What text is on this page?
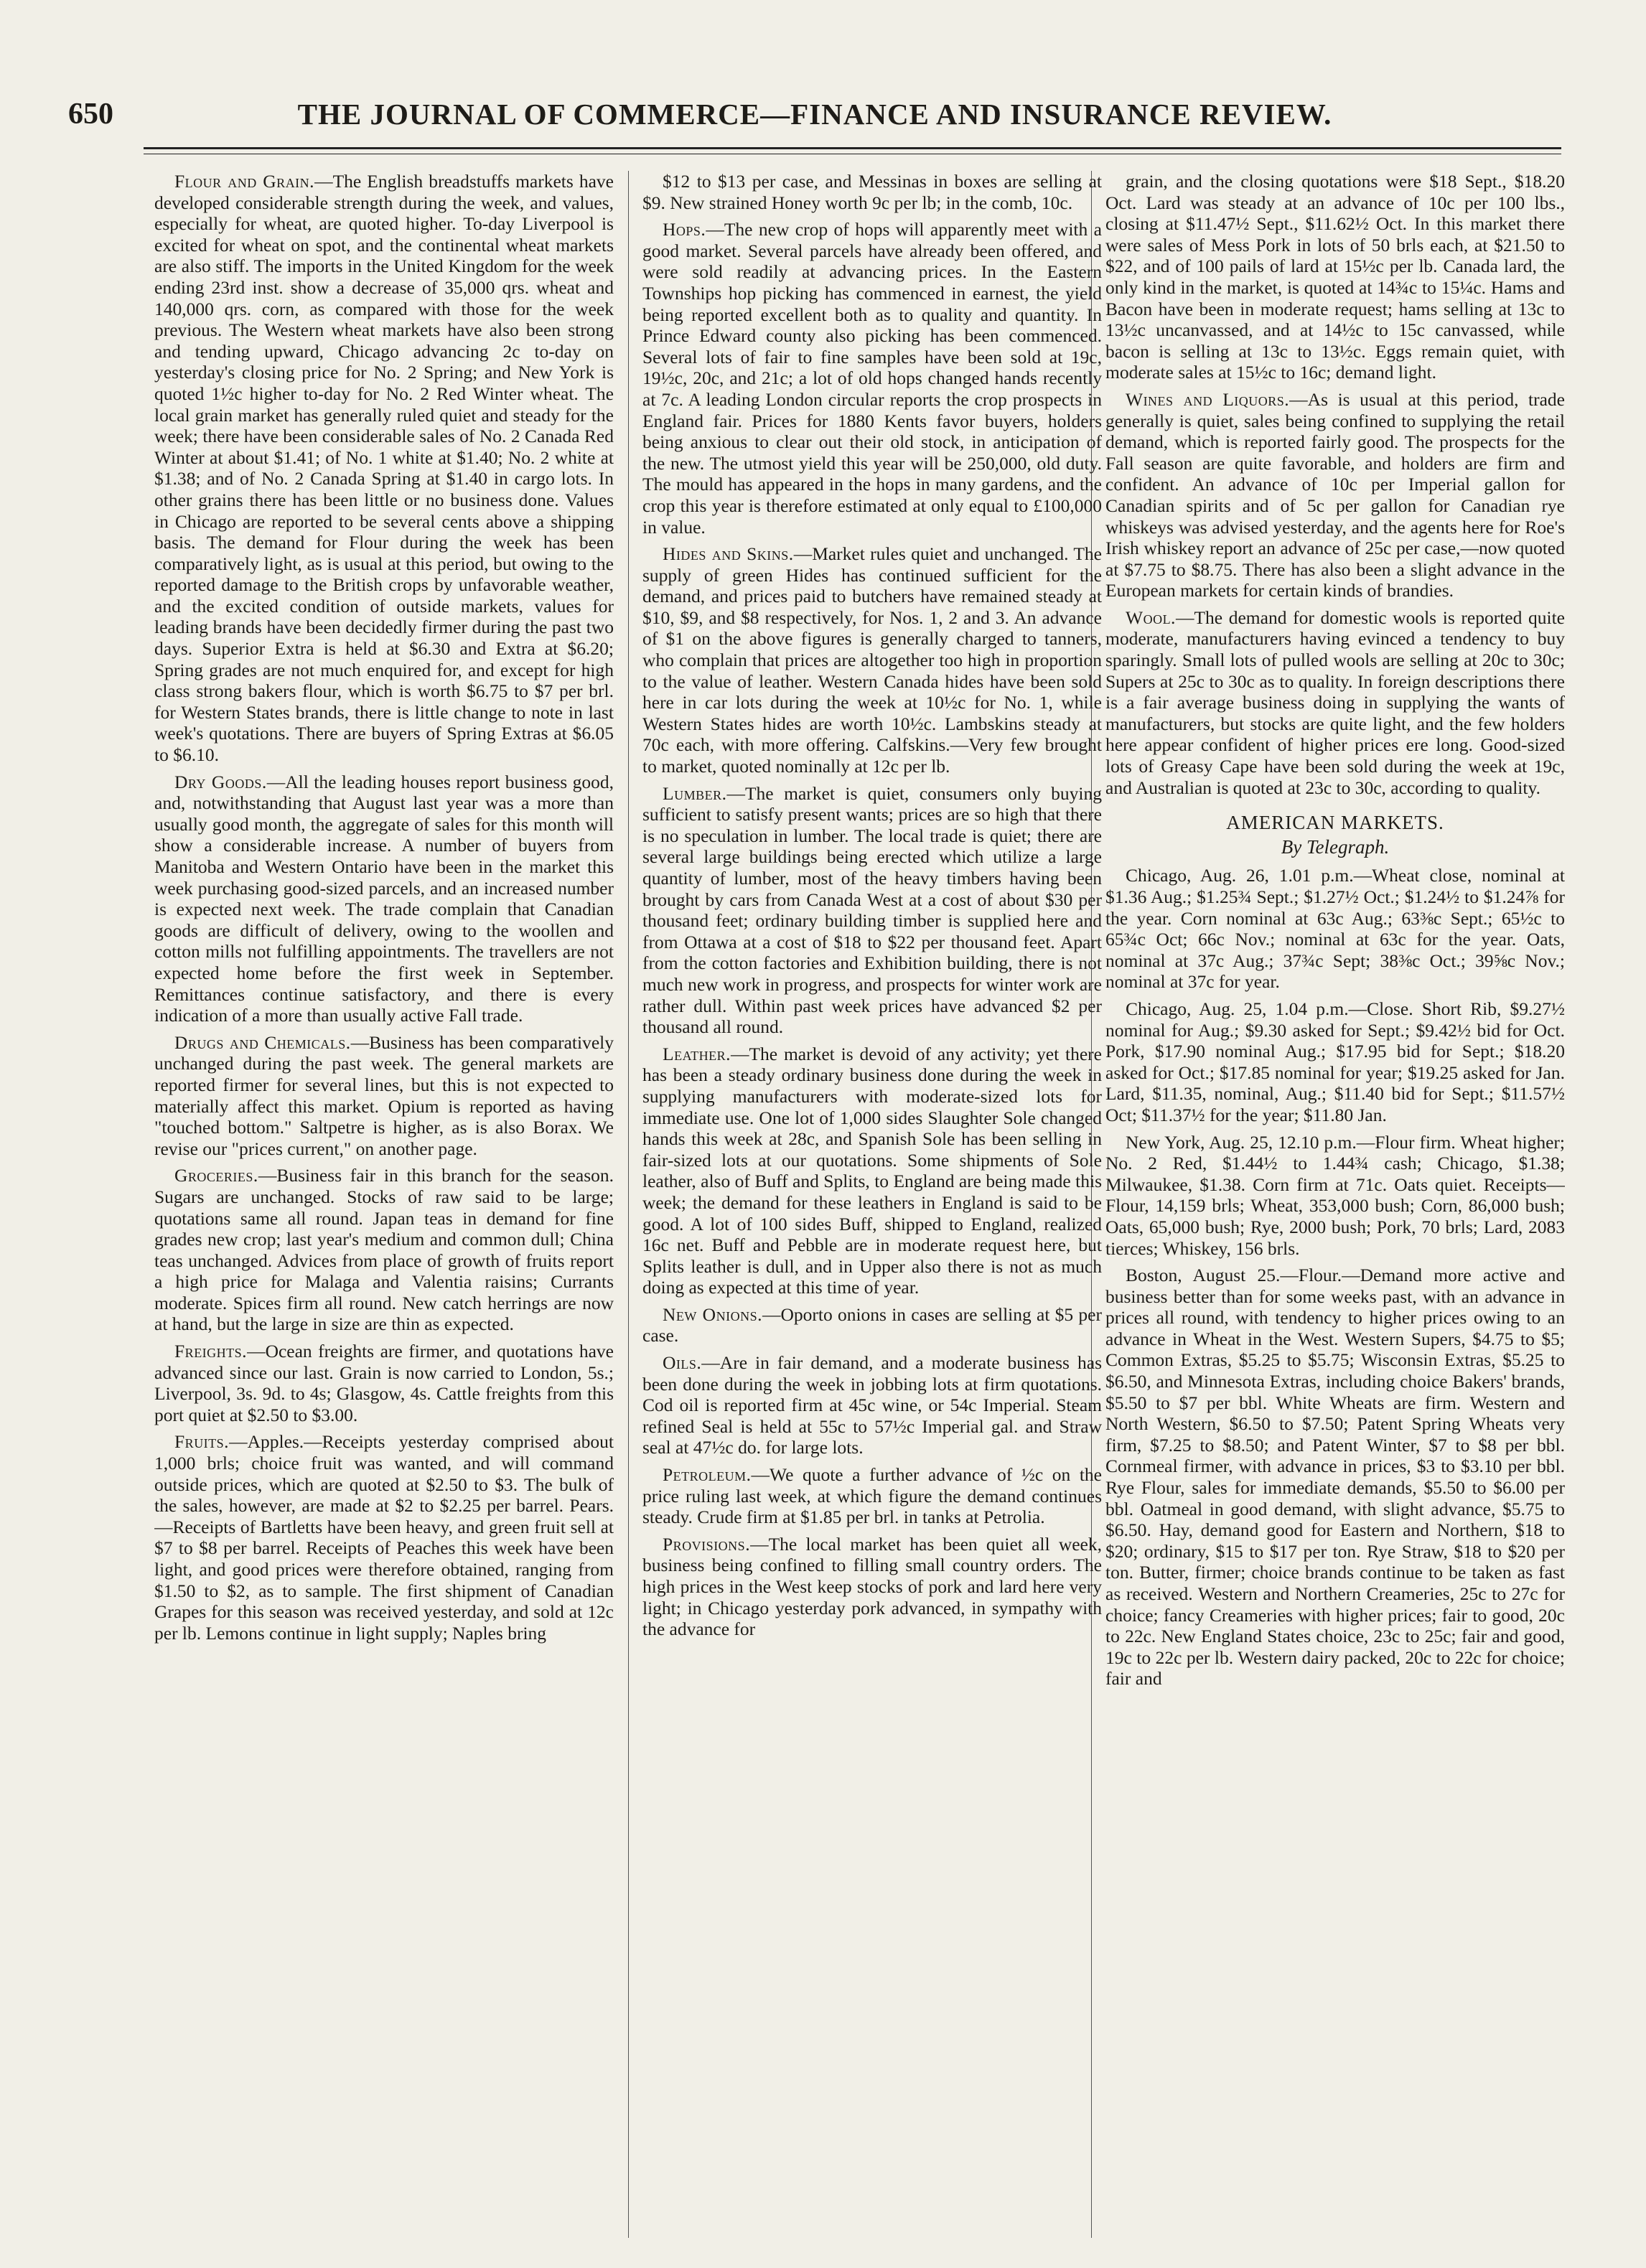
650	THE JOURNAL OF COMMERCE—FINANCE AND INSURANCE REVIEW.

Flour and Grain.—The English breadstuffs markets have developed considerable strength during the week, and values, especially for wheat, are quoted higher. To-day Liverpool is excited for wheat on spot, and the continental wheat markets are also stiff. The imports in the United Kingdom for the week ending 23rd inst. show a decrease of 35,000 qrs. wheat and 140,000 qrs. corn, as compared with those for the week previous. The Western wheat markets have also been strong and tending upward, Chicago advancing 2c to-day on yesterday's closing price for No. 2 Spring; and New York is quoted 1½c higher to-day for No. 2 Red Winter wheat. The local grain market has generally ruled quiet and steady for the week; there have been considerable sales of No. 2 Canada Red Winter at about $1.41; of No. 1 white at $1.40; No. 2 white at $1.38; and of No. 2 Canada Spring at $1.40 in cargo lots. In other grains there has been little or no business done. Values in Chicago are reported to be several cents above a shipping basis. The demand for Flour during the week has been comparatively light, as is usual at this period, but owing to the reported damage to the British crops by unfavorable weather, and the excited condition of outside markets, values for leading brands have been decidedly firmer during the past two days. Superior Extra is held at $6.30 and Extra at $6.20; Spring grades are not much enquired for, and except for high class strong bakers flour, which is worth $6.75 to $7 per brl. for Western States brands, there is little change to note in last week's quotations. There are buyers of Spring Extras at $6.05 to $6.10.

Dry Goods.—All the leading houses report business good, and, notwithstanding that August last year was a more than usually good month, the aggregate of sales for this month will show a considerable increase. A number of buyers from Manitoba and Western Ontario have been in the market this week purchasing good-sized parcels, and an increased number is expected next week. The trade complain that Canadian goods are difficult of delivery, owing to the woollen and cotton mills not fulfilling appointments. The travellers are not expected home before the first week in September. Remittances continue satisfactory, and there is every indication of a more than usually active Fall trade.

Drugs and Chemicals.—Business has been comparatively unchanged during the past week. The general markets are reported firmer for several lines, but this is not expected to materially affect this market. Opium is reported as having "touched bottom." Saltpetre is higher, as is also Borax. We revise our "prices current," on another page.

Groceries.—Business fair in this branch for the season. Sugars are unchanged. Stocks of raw said to be large; quotations same all round. Japan teas in demand for fine grades new crop; last year's medium and common dull; China teas unchanged. Advices from place of growth of fruits report a high price for Malaga and Valentia raisins; Currants moderate. Spices firm all round. New catch herrings are now at hand, but the large in size are thin as expected.

Freights.—Ocean freights are firmer, and quotations have advanced since our last. Grain is now carried to London, 5s.; Liverpool, 3s. 9d. to 4s; Glasgow, 4s. Cattle freights from this port quiet at $2.50 to $3.00.

Fruits.—Apples.—Receipts yesterday comprised about 1,000 brls; choice fruit was wanted, and will command outside prices, which are quoted at $2.50 to $3. The bulk of the sales, however, are made at $2 to $2.25 per barrel. Pears.—Receipts of Bartletts have been heavy, and green fruit sell at $7 to $8 per barrel. Receipts of Peaches this week have been light, and good prices were therefore obtained, ranging from $1.50 to $2, as to sample. The first shipment of Canadian Grapes for this season was received yesterday, and sold at 12c per lb. Lemons continue in light supply; Naples bring

$12 to $13 per case, and Messinas in boxes are selling at $9. New strained Honey worth 9c per lb; in the comb, 10c.

Hops.—The new crop of hops will apparently meet with a good market. Several parcels have already been offered, and were sold readily at advancing prices. In the Eastern Townships hop picking has commenced in earnest, the yield being reported excellent both as to quality and quantity. In Prince Edward county also picking has been commenced. Several lots of fair to fine samples have been sold at 19c, 19½c, 20c, and 21c; a lot of old hops changed hands recently at 7c. A leading London circular reports the crop prospects in England fair. Prices for 1880 Kents favor buyers, holders being anxious to clear out their old stock, in anticipation of the new. The utmost yield this year will be 250,000, old duty. The mould has appeared in the hops in many gardens, and the crop this year is therefore estimated at only equal to £100,000 in value.

Hides and Skins.—Market rules quiet and unchanged. The supply of green Hides has continued sufficient for the demand, and prices paid to butchers have remained steady at $10, $9, and $8 respectively, for Nos. 1, 2 and 3. An advance of $1 on the above figures is generally charged to tanners, who complain that prices are altogether too high in proportion to the value of leather. Western Canada hides have been sold here in car lots during the week at 10½c for No. 1, while Western States hides are worth 10½c. Lambskins steady at 70c each, with more offering. Calfskins.—Very few brought to market, quoted nominally at 12c per lb.

Lumber.—The market is quiet, consumers only buying sufficient to satisfy present wants; prices are so high that there is no speculation in lumber. The local trade is quiet; there are several large buildings being erected which utilize a large quantity of lumber, most of the heavy timbers having been brought by cars from Canada West at a cost of about $30 per thousand feet; ordinary building timber is supplied here and from Ottawa at a cost of $18 to $22 per thousand feet. Apart from the cotton factories and Exhibition building, there is not much new work in progress, and prospects for winter work are rather dull. Within past week prices have advanced $2 per thousand all round.

Leather.—The market is devoid of any activity; yet there has been a steady ordinary business done during the week in supplying manufacturers with moderate-sized lots for immediate use. One lot of 1,000 sides Slaughter Sole changed hands this week at 28c, and Spanish Sole has been selling in fair-sized lots at our quotations. Some shipments of Sole leather, also of Buff and Splits, to England are being made this week; the demand for these leathers in England is said to be good. A lot of 100 sides Buff, shipped to England, realized 16c net. Buff and Pebble are in moderate request here, but Splits leather is dull, and in Upper also there is not as much doing as expected at this time of year.

New Onions.—Oporto onions in cases are selling at $5 per case.

Oils.—Are in fair demand, and a moderate business has been done during the week in jobbing lots at firm quotations. Cod oil is reported firm at 45c wine, or 54c Imperial. Steam refined Seal is held at 55c to 57½c Imperial gal. and Straw seal at 47½c do. for large lots.

Petroleum.—We quote a further advance of ½c on the price ruling last week, at which figure the demand continues steady. Crude firm at $1.85 per brl. in tanks at Petrolia.

Provisions.—The local market has been quiet all week, business being confined to filling small country orders. The high prices in the West keep stocks of pork and lard here very light; in Chicago yesterday pork advanced, in sympathy with the advance for

grain, and the closing quotations were $18 Sept., $18.20 Oct. Lard was steady at an advance of 10c per 100 lbs., closing at $11.47½ Sept., $11.62½ Oct. In this market there were sales of Mess Pork in lots of 50 brls each, at $21.50 to $22, and of 100 pails of lard at 15½c per lb. Canada lard, the only kind in the market, is quoted at 14¾c to 15¼c. Hams and Bacon have been in moderate request; hams selling at 13c to 13½c uncanvassed, and at 14½c to 15c canvassed, while bacon is selling at 13c to 13½c. Eggs remain quiet, with moderate sales at 15½c to 16c; demand light.

Wines and Liquors.—As is usual at this period, trade generally is quiet, sales being confined to supplying the retail demand, which is reported fairly good. The prospects for the Fall season are quite favorable, and holders are firm and confident. An advance of 10c per Imperial gallon for Canadian spirits and of 5c per gallon for Canadian rye whiskeys was advised yesterday, and the agents here for Roe's Irish whiskey report an advance of 25c per case,—now quoted at $7.75 to $8.75. There has also been a slight advance in the European markets for certain kinds of brandies.

Wool.—The demand for domestic wools is reported quite moderate, manufacturers having evinced a tendency to buy sparingly. Small lots of pulled wools are selling at 20c to 30c; Supers at 25c to 30c as to quality. In foreign descriptions there is a fair average business doing in supplying the wants of manufacturers, but stocks are quite light, and the few holders here appear confident of higher prices ere long. Good-sized lots of Greasy Cape have been sold during the week at 19c, and Australian is quoted at 23c to 30c, according to quality.

AMERICAN MARKETS.
By Telegraph.

Chicago, Aug. 26, 1.01 p.m.—Wheat close, nominal at $1.36 Aug.; $1.25¾ Sept.; $1.27½ Oct.; $1.24½ to $1.24⅞ for the year. Corn nominal at 63c Aug.; 63⅜c Sept.; 65½c to 65¾c Oct; 66c Nov.; nominal at 63c for the year. Oats, nominal at 37c Aug.; 37¾c Sept; 38⅜c Oct.; 39⅝c Nov.; nominal at 37c for year.

Chicago, Aug. 25, 1.04 p.m.—Close. Short Rib, $9.27½ nominal for Aug.; $9.30 asked for Sept.; $9.42½ bid for Oct. Pork, $17.90 nominal Aug.; $17.95 bid for Sept.; $18.20 asked for Oct.; $17.85 nominal for year; $19.25 asked for Jan. Lard, $11.35, nominal, Aug.; $11.40 bid for Sept.; $11.57½ Oct; $11.37½ for the year; $11.80 Jan.

New York, Aug. 25, 12.10 p.m.—Flour firm. Wheat higher; No. 2 Red, $1.44½ to 1.44¾ cash; Chicago, $1.38; Milwaukee, $1.38. Corn firm at 71c. Oats quiet. Receipts—Flour, 14,159 brls; Wheat, 353,000 bush; Corn, 86,000 bush; Oats, 65,000 bush; Rye, 2000 bush; Pork, 70 brls; Lard, 2083 tierces; Whiskey, 156 brls.

Boston, August 25.—Flour.—Demand more active and business better than for some weeks past, with an advance in prices all round, with tendency to higher prices owing to an advance in Wheat in the West. Western Supers, $4.75 to $5; Common Extras, $5.25 to $5.75; Wisconsin Extras, $5.25 to $6.50, and Minnesota Extras, including choice Bakers' brands, $5.50 to $7 per bbl. White Wheats are firm. Western and North Western, $6.50 to $7.50; Patent Spring Wheats very firm, $7.25 to $8.50; and Patent Winter, $7 to $8 per bbl. Cornmeal firmer, with advance in prices, $3 to $3.10 per bbl. Rye Flour, sales for immediate demands, $5.50 to $6.00 per bbl. Oatmeal in good demand, with slight advance, $5.75 to $6.50. Hay, demand good for Eastern and Northern, $18 to $20; ordinary, $15 to $17 per ton. Rye Straw, $18 to $20 per ton. Butter, firmer; choice brands continue to be taken as fast as received. Western and Northern Creameries, 25c to 27c for choice; fancy Creameries with higher prices; fair to good, 20c to 22c. New England States choice, 23c to 25c; fair and good, 19c to 22c per lb. Western dairy packed, 20c to 22c for choice; fair and
